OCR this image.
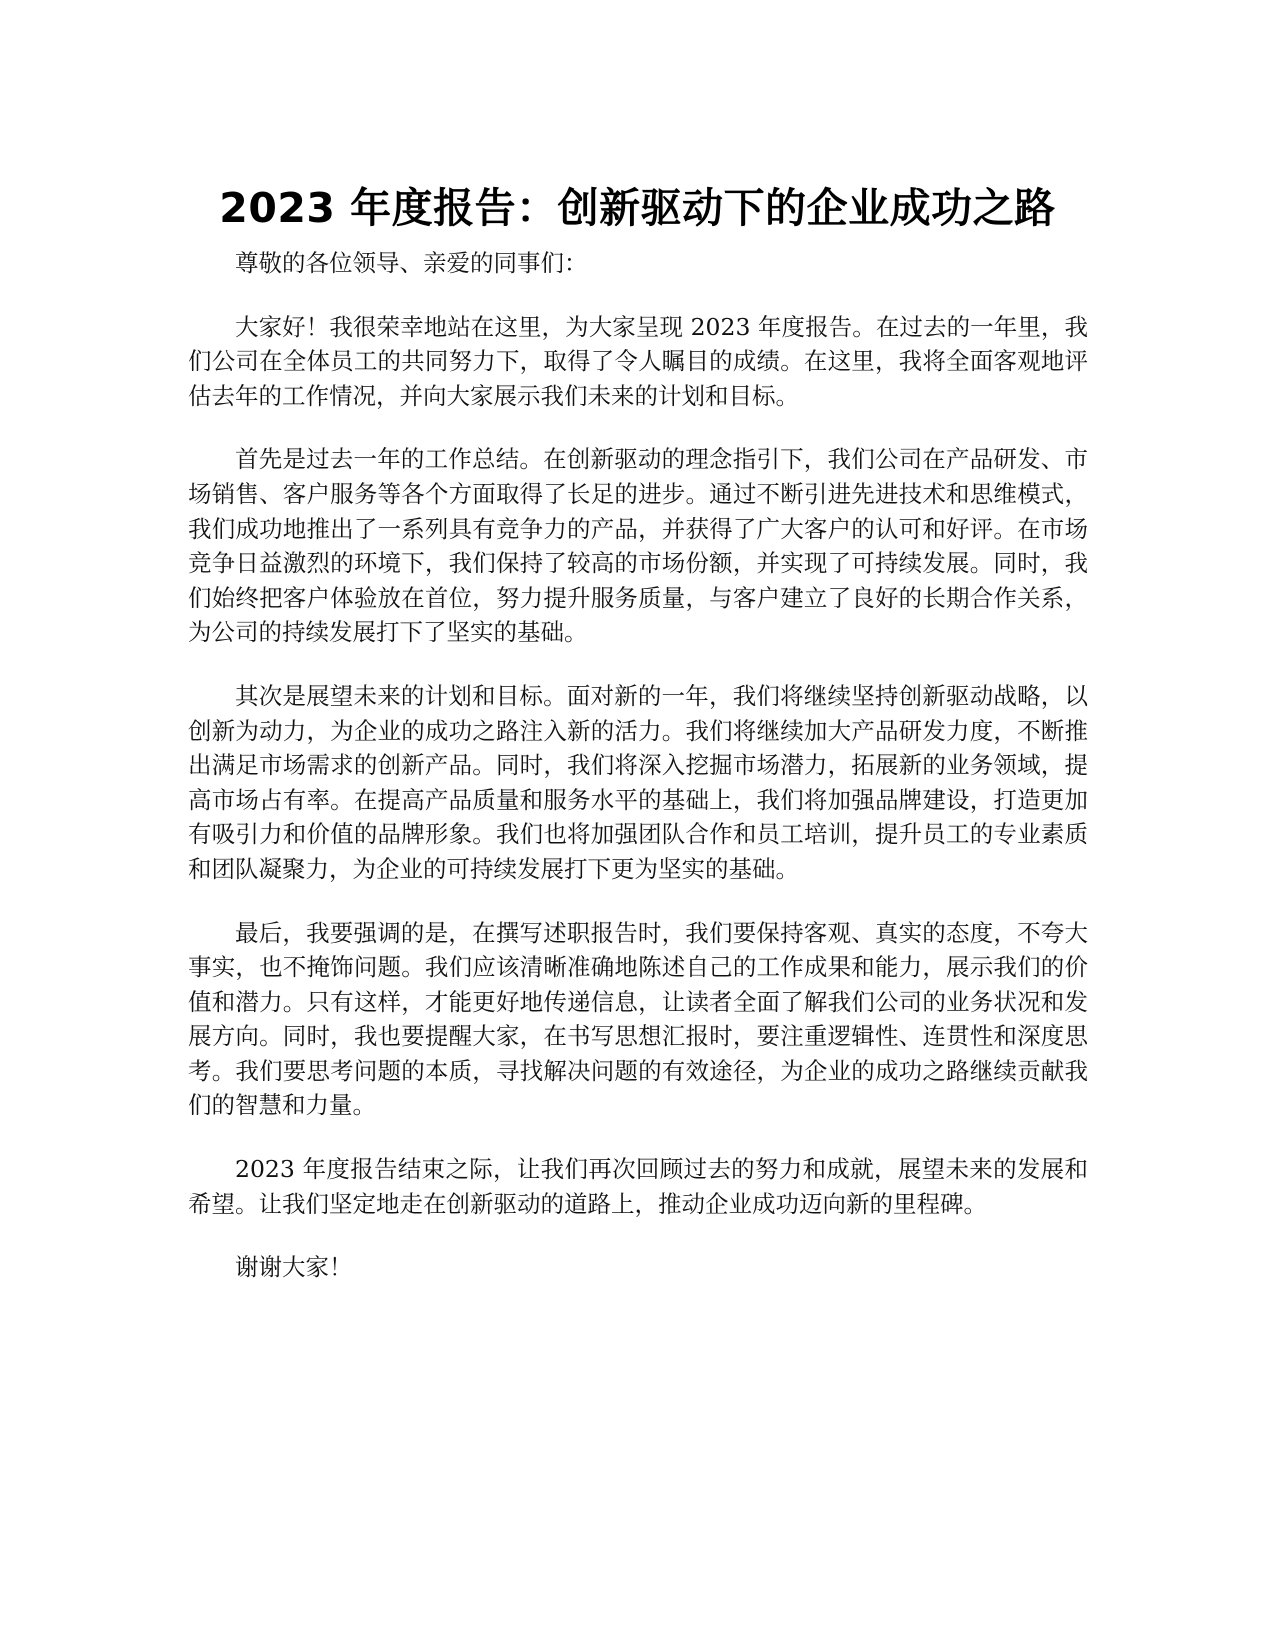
2023 年度报告：创新驱动下的企业成功之路

尊敬的各位领导、亲爱的同事们：

大家好！我很荣幸地站在这里，为大家呈现 2023 年度报告。在过去的一年里，我们公司在全体员工的共同努力下，取得了令人瞩目的成绩。在这里，我将全面客观地评估去年的工作情况，并向大家展示我们未来的计划和目标。

首先是过去一年的工作总结。在创新驱动的理念指引下，我们公司在产品研发、市场销售、客户服务等各个方面取得了长足的进步。通过不断引进先进技术和思维模式，我们成功地推出了一系列具有竞争力的产品，并获得了广大客户的认可和好评。在市场竞争日益激烈的环境下，我们保持了较高的市场份额，并实现了可持续发展。同时，我们始终把客户体验放在首位，努力提升服务质量，与客户建立了良好的长期合作关系，为公司的持续发展打下了坚实的基础。

其次是展望未来的计划和目标。面对新的一年，我们将继续坚持创新驱动战略，以创新为动力，为企业的成功之路注入新的活力。我们将继续加大产品研发力度，不断推出满足市场需求的创新产品。同时，我们将深入挖掘市场潜力，拓展新的业务领域，提高市场占有率。在提高产品质量和服务水平的基础上，我们将加强品牌建设，打造更加有吸引力和价值的品牌形象。我们也将加强团队合作和员工培训，提升员工的专业素质和团队凝聚力，为企业的可持续发展打下更为坚实的基础。

最后，我要强调的是，在撰写述职报告时，我们要保持客观、真实的态度，不夸大事实，也不掩饰问题。我们应该清晰准确地陈述自己的工作成果和能力，展示我们的价值和潜力。只有这样，才能更好地传递信息，让读者全面了解我们公司的业务状况和发展方向。同时，我也要提醒大家，在书写思想汇报时，要注重逻辑性、连贯性和深度思考。我们要思考问题的本质，寻找解决问题的有效途径，为企业的成功之路继续贡献我们的智慧和力量。

2023 年度报告结束之际，让我们再次回顾过去的努力和成就，展望未来的发展和希望。让我们坚定地走在创新驱动的道路上，推动企业成功迈向新的里程碑。

谢谢大家！
